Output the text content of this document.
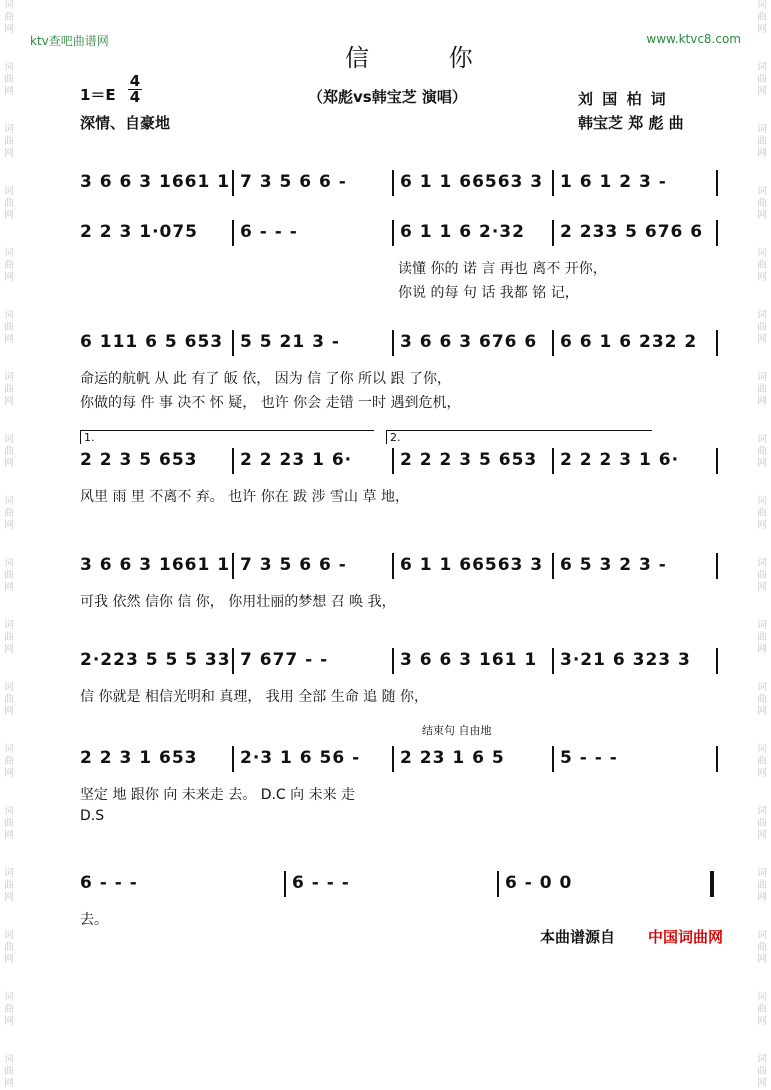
词曲网
词曲网
词曲网
词曲网
词曲网
词曲网
词曲网
词曲网
词曲网
词曲网
词曲网
词曲网
词曲网
词曲网
词曲网
词曲网
词曲网
词曲网
词曲网
词曲网
词曲网
词曲网
词曲网
词曲网
词曲网
词曲网
词曲网
词曲网
词曲网
词曲网
词曲网
词曲网
词曲网
词曲网
词曲网
词曲网
ktv查吧曲谱网	www.ktvc8.com
信 你
（郑彪vs韩宝芝 演唱）
$1=E \frac{4}{4}$
深情、自豪地
刘 国 柏 词
韩宝芝 郑 彪 曲
3 6 6 3 1661 1 7 3 5 6 6 -	6 1 1 66563 3 1 6 1 2 3 -
2 2 3 1·075 6 - - -	6 1 1 6 2·32 2 233 5 676 6
读懂 你的 诺 言 再也 离不 开你，
你说 的每 句 话 我都 铭 记，
6 111 6 5 653 5 5 21 3 -	3 6 6 3 676 6 6 6 1 6 232 2
命运的航帆 从 此 有了 皈 依， 因为 信 了你 所以 跟 了你，
你做的每 件 事 决不 怀 疑， 也许 你会 走错 一时 遇到危机，
2 2 3 5 653	2 2 23 1 6·	2 2 2 3 5 653 2 2 2 3 1 6·
风里 雨 里 不离不 弃。 也许 你在 跋 涉 雪山 草 地，
1.	2.
3 6 6 3 1661 1 7 3 5 6 6 -	6 1 1 66563 3 6 5 3 2 3 -
可我 依然 信你 信 你， 你用壮丽的梦想 召 唤 我，
2·223 5 5 5 33 7 677 - -	3 6 6 3 161 1 3·21 6 323 3
信 你就是 相信光明和 真理， 我用 全部 生命 追 随 你，
2 2 3 1 653	2·3 1 6 56 - 2 23 1 6 5	5 - - -
坚定 地 跟你 向 未来走 去。 D.C 向 未来 走
D.S
结束句 自由地
6 - - -	6 - - -	6 - 0 0
去。
本曲谱源自 中国词曲网
